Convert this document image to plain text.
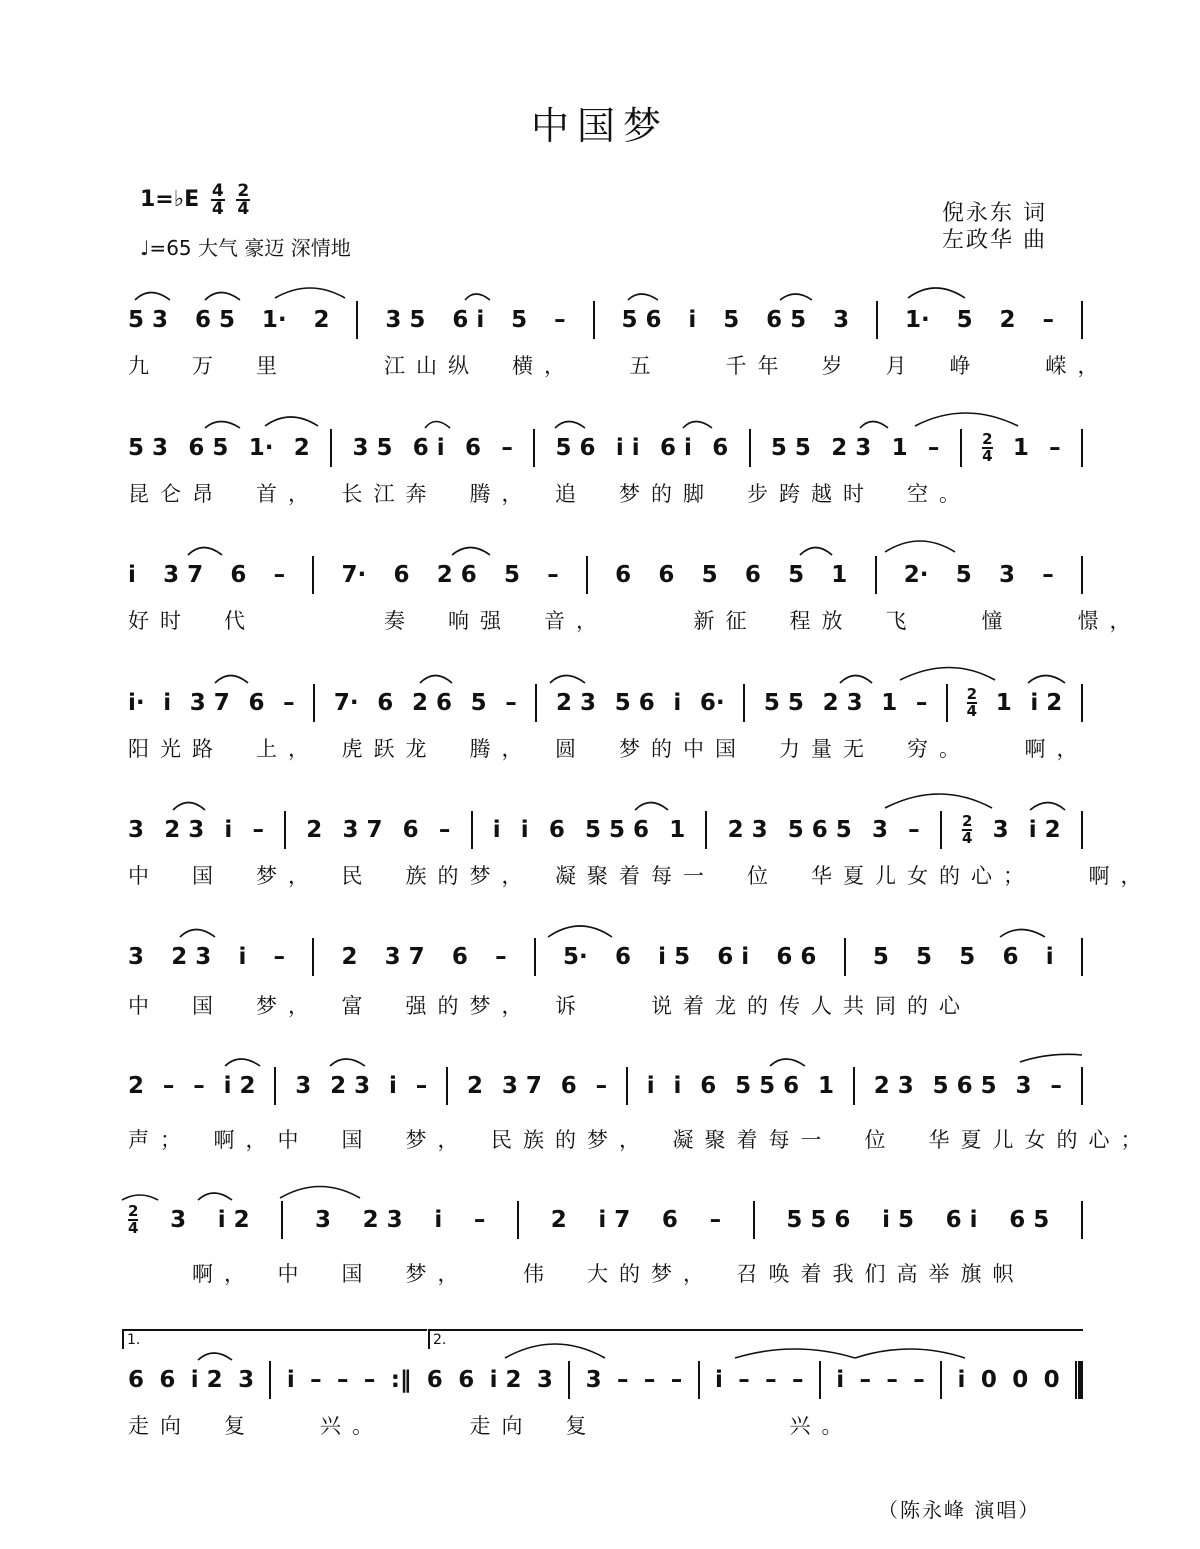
中国梦
1=♭E $\frac{4}{4}$
$\frac{2}{4}$
♩=65 大气 豪迈 深情地
倪永东 词
左政华 曲
5 3 6 5 1· 2 3 5 6 i 5 – 5 6 i 5 6 5 3 1· 5 2 –
九　万　里　　　江山纵　横，　　五　　千年　岁　月　峥　　嵘，
5 3 6 5 1· 2 3 5 6 i 6 – 5 6 i i 6 i 6 5 5 2 3 1 –	2
4 1 –
昆仑昂　首，　长江奔　腾，　追　梦的脚　步跨越时　空。
i 3 7 6 – 7· 6 2 6 5 – 6 6 5 6 5 1 2· 5 3 –
好时　代　　　　奏　响强　音，　　　新征　程放　飞　　憧　　憬，
i· i 3 7 6 – 7· 6 2 6 5 – 2 3 5 6 i 6· 5 5 2 3 1 –	2
4 1 i 2
阳光路　上，　虎跃龙　腾，　圆　梦的中国　力量无　穷。　　啊，
3 2 3 i – 2 3 7 6 – i i 6 5 5 6 1 2 3 5 6 5 3 –	2
4 3 i 2
中　国　梦，　民　族的梦，　凝聚着每一　位　华夏儿女的心；　　啊，
3 2 3 i – 2 3 7 6 – 5· 6 i 5 6 i 6 6 5 5 5 6 i
中　国　梦，　富　强的梦，　诉　　说着龙的传人共同的心
2 – – i 2 3 2 3 i – 2 3 7 6 – i i 6 5 5 6 1 2 3 5 6 5 3 –
声；　啊，中　国　梦，　民族的梦，　凝聚着每一　位　华夏儿女的心；
2
4 3 i 2	3 2 3 i –	2 i 7 6 –	5 5 6 i 5 6 i 6 5
　　啊，　中　国　梦，　　伟　大的梦，　召唤着我们高举旗帜
6 6 i 2 3 i – – – :‖ 6 6 i 2 3 3 – – – i – – – i – – – i 0 0 0
走向　复　　兴。　　　走向　复　　　　　　兴。
1.	2.
（陈永峰 演唱）
